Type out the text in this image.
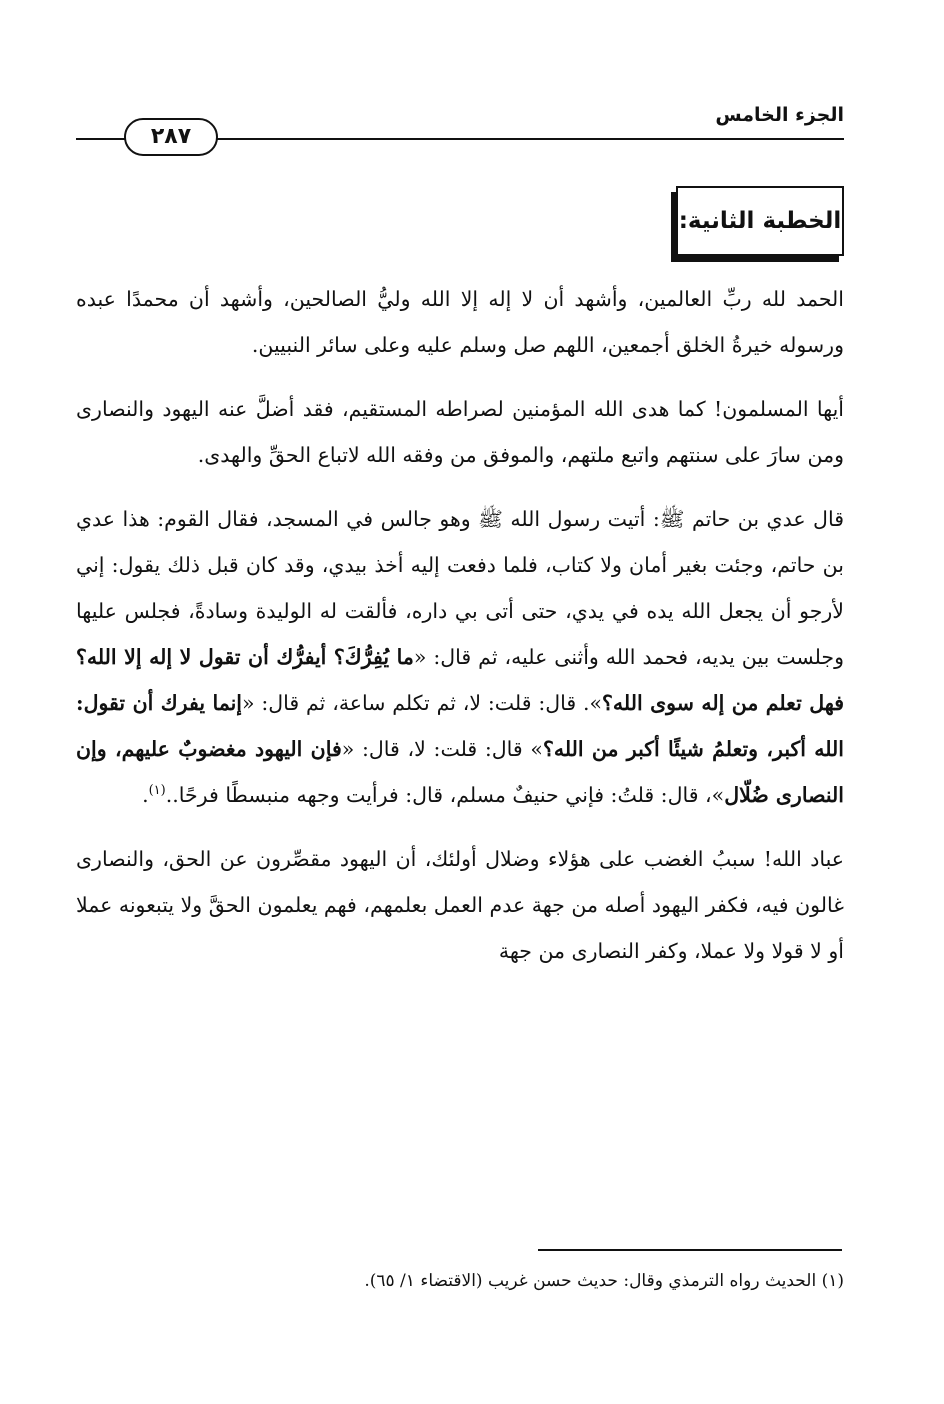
الجزء الخامس
٢٨٧
الخطبة الثانية:

الحمد لله ربِّ العالمين، وأشهد أن لا إله إلا الله وليُّ الصالحين، وأشهد أن محمدًا عبده ورسوله خيرةُ الخلق أجمعين، اللهم صل وسلم عليه وعلى سائر النبيين.

أيها المسلمون! كما هدى الله المؤمنين لصراطه المستقيم، فقد أضلَّ عنه اليهود والنصارى ومن سارَ على سنتهم واتبع ملتهم، والموفق من وفقه الله لاتباع الحقِّ والهدى.

قال عدي بن حاتم ﷺ: أتيت رسول الله ﷺ وهو جالس في المسجد، فقال القوم: هذا عدي بن حاتم، وجئت بغير أمان ولا كتاب، فلما دفعت إليه أخذ بيدي، وقد كان قبل ذلك يقول: إني لأرجو أن يجعل الله يده في يدي، حتى أتى بي داره، فألقت له الوليدة وسادةً، فجلس عليها وجلست بين يديه، فحمد الله وأثنى عليه، ثم قال: «ما يُفِرُّكَ؟ أيفرُّك أن تقول لا إله إلا الله؟ فهل تعلم من إله سوى الله؟». قال: قلت: لا، ثم تكلم ساعة، ثم قال: «إنما يفرك أن تقول: الله أكبر، وتعلمُ شيئًا أكبر من الله؟» قال: قلت: لا، قال: «فإن اليهود مغضوبٌ عليهم، وإن النصارى ضُلّال»، قال: قلتُ: فإني حنيفٌ مسلم، قال: فرأيت وجهه منبسطًا فرحًا..$^{(١)}$.

عباد الله! سببُ الغضب على هؤلاء وضلال أولئك، أن اليهود مقصِّرون عن الحق، والنصارى غالون فيه، فكفر اليهود أصله من جهة عدم العمل بعلمهم، فهم يعلمون الحقَّ ولا يتبعونه عملا أو لا قولا ولا عملا، وكفر النصارى من جهة

(١) الحديث رواه الترمذي وقال: حديث حسن غريب (الاقتضاء ١/ ٦٥).
